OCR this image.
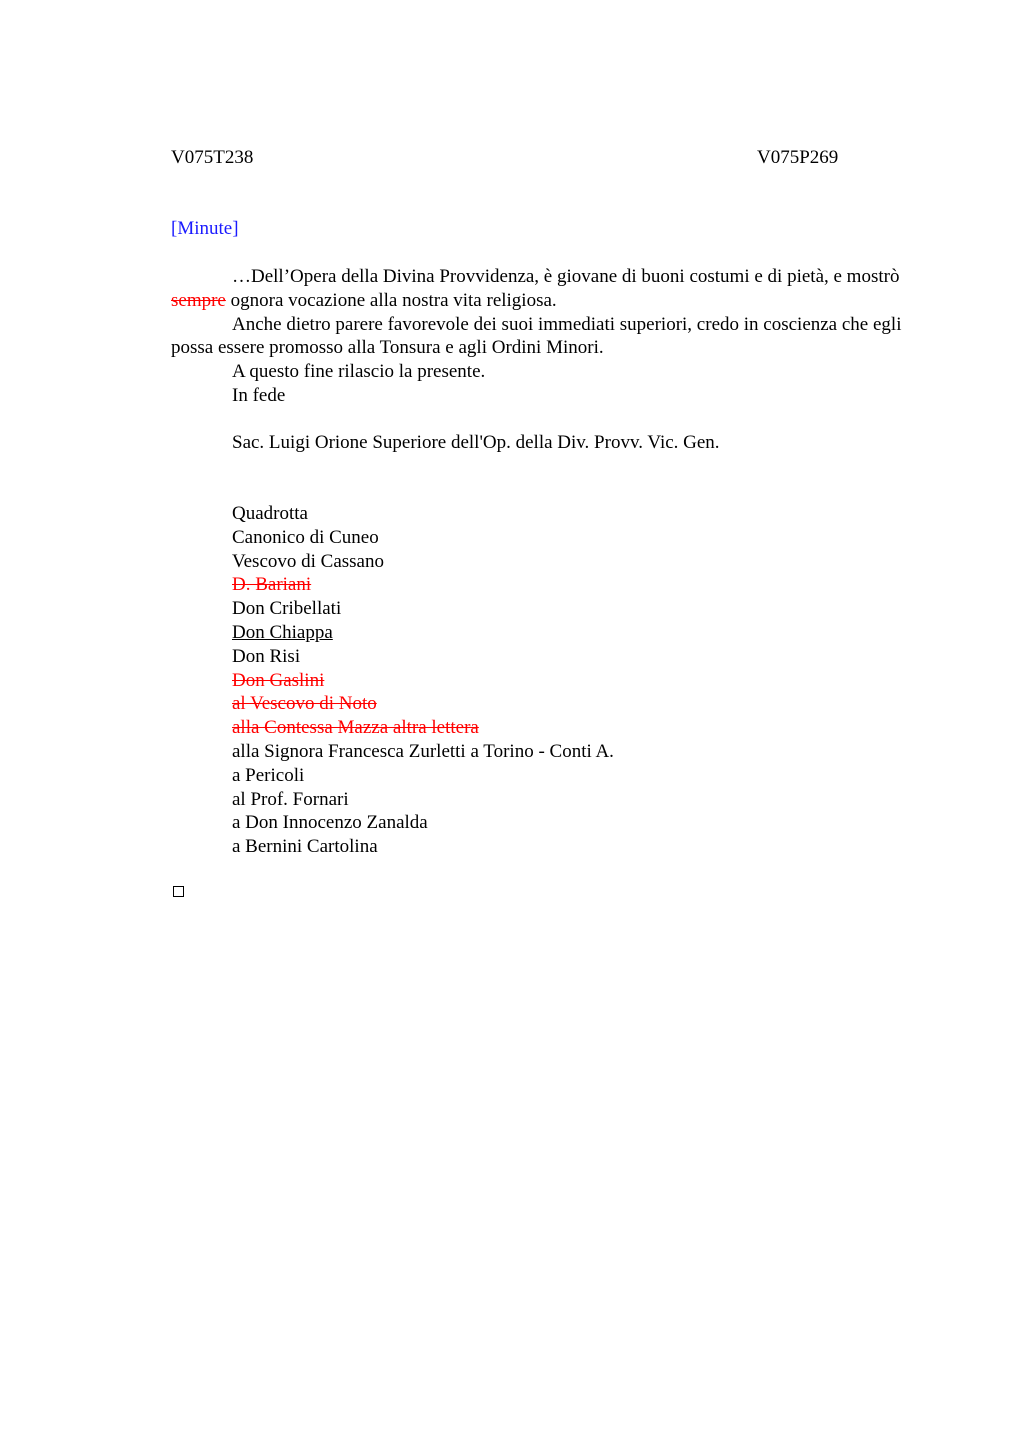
V075T238	V075P269
[Minute]

…Dell’Opera della Divina Provvidenza, è giovane di buoni costumi e di pietà, e mostrò sempre ognora vocazione alla nostra vita religiosa.

Anche dietro parere favorevole dei suoi immediati superiori, credo in coscienza che egli possa essere promosso alla Tonsura e agli Ordini Minori.

A questo fine rilascio la presente.

In fede

Sac. Luigi Orione Superiore dell'Op. della Div. Provv. Vic. Gen.
Quadrotta
Canonico di Cuneo
Vescovo di Cassano
D. Bariani
Don Cribellati
Don Chiappa
Don Risi
Don Gaslini
al Vescovo di Noto
alla Contessa Mazza altra lettera
alla Signora Francesca Zurletti a Torino - Conti A.
a Pericoli
al Prof. Fornari
a Don Innocenzo Zanalda
a Bernini Cartolina
